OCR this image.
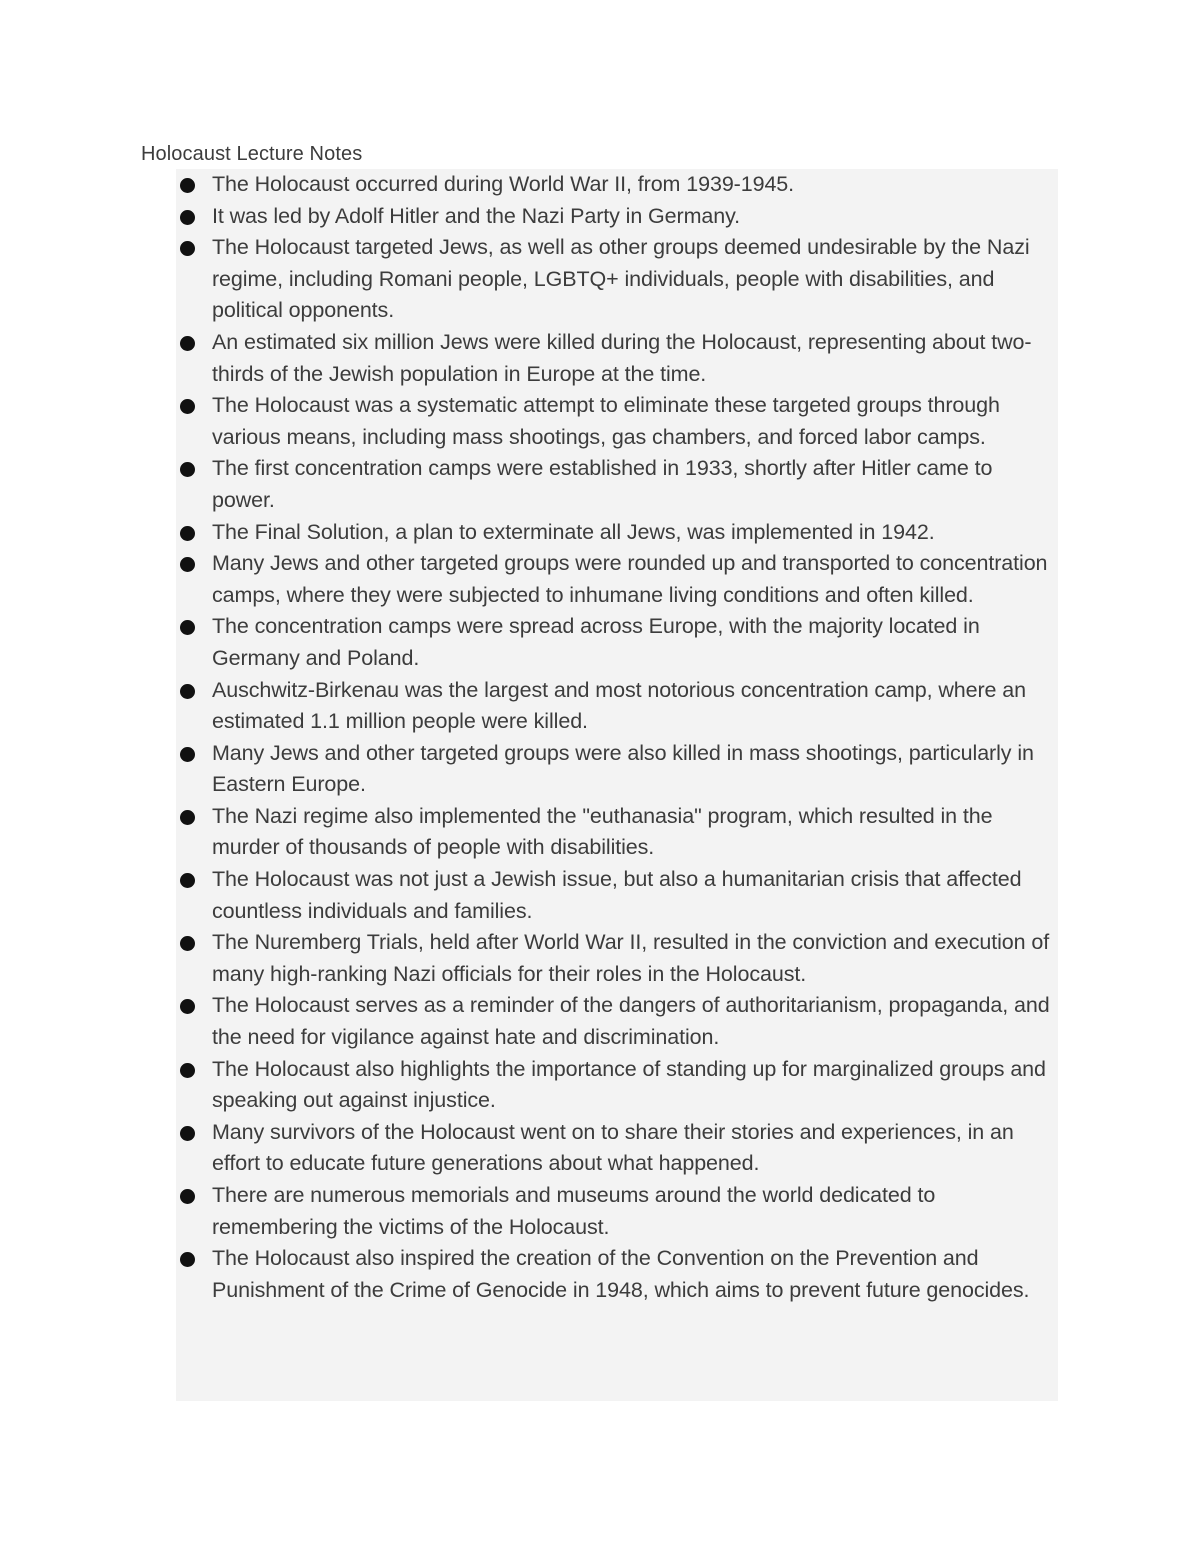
Holocaust Lecture Notes
The Holocaust occurred during World War II, from 1939-1945.
It was led by Adolf Hitler and the Nazi Party in Germany.
The Holocaust targeted Jews, as well as other groups deemed undesirable by the Nazi regime, including Romani people, LGBTQ+ individuals, people with disabilities, and political opponents.
An estimated six million Jews were killed during the Holocaust, representing about two-thirds of the Jewish population in Europe at the time.
The Holocaust was a systematic attempt to eliminate these targeted groups through various means, including mass shootings, gas chambers, and forced labor camps.
The first concentration camps were established in 1933, shortly after Hitler came to power.
The Final Solution, a plan to exterminate all Jews, was implemented in 1942.
Many Jews and other targeted groups were rounded up and transported to concentration camps, where they were subjected to inhumane living conditions and often killed.
The concentration camps were spread across Europe, with the majority located in Germany and Poland.
Auschwitz-Birkenau was the largest and most notorious concentration camp, where an estimated 1.1 million people were killed.
Many Jews and other targeted groups were also killed in mass shootings, particularly in Eastern Europe.
The Nazi regime also implemented the "euthanasia" program, which resulted in the murder of thousands of people with disabilities.
The Holocaust was not just a Jewish issue, but also a humanitarian crisis that affected countless individuals and families.
The Nuremberg Trials, held after World War II, resulted in the conviction and execution of many high-ranking Nazi officials for their roles in the Holocaust.
The Holocaust serves as a reminder of the dangers of authoritarianism, propaganda, and the need for vigilance against hate and discrimination.
The Holocaust also highlights the importance of standing up for marginalized groups and speaking out against injustice.
Many survivors of the Holocaust went on to share their stories and experiences, in an effort to educate future generations about what happened.
There are numerous memorials and museums around the world dedicated to remembering the victims of the Holocaust.
The Holocaust also inspired the creation of the Convention on the Prevention and Punishment of the Crime of Genocide in 1948, which aims to prevent future genocides.
